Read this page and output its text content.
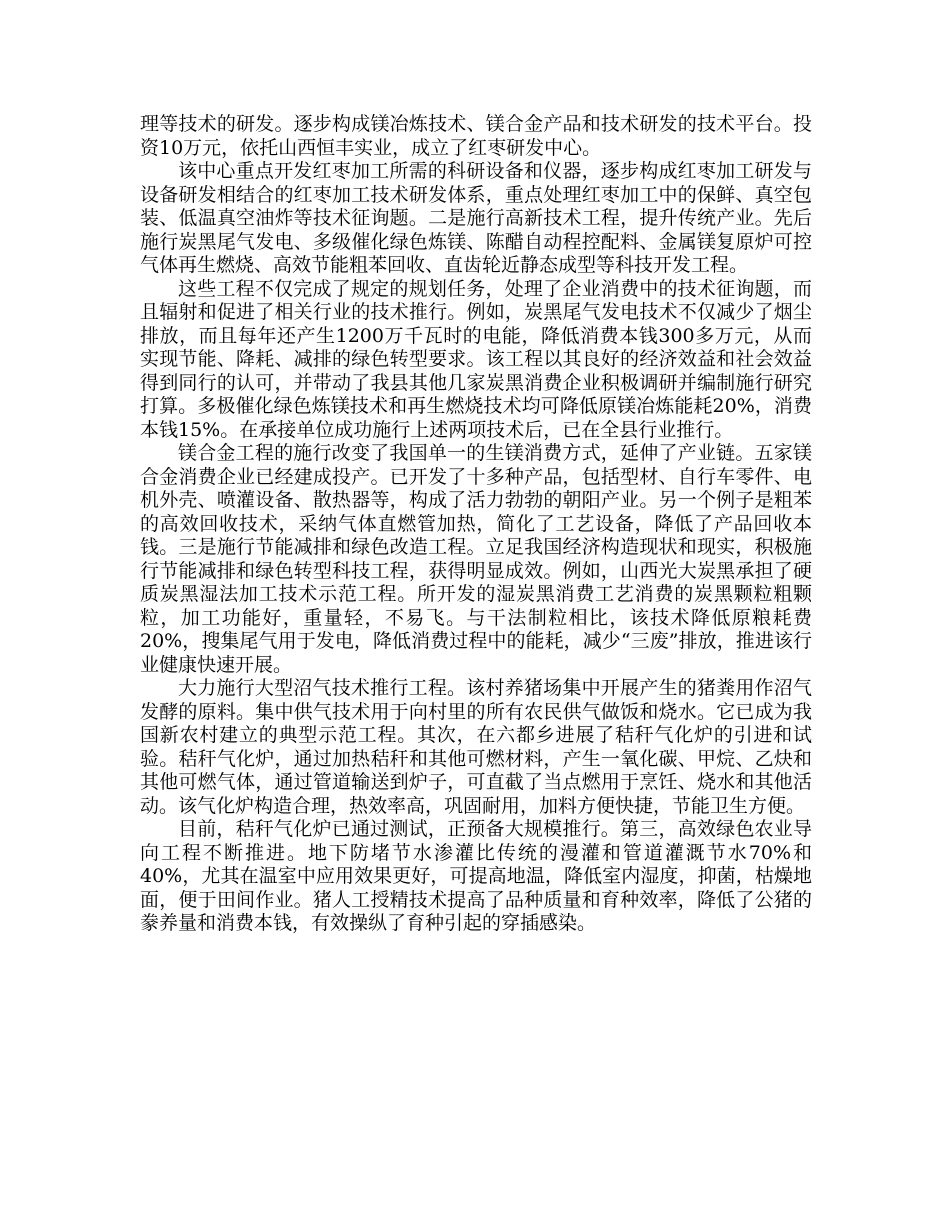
理等技术的研发。逐步构成镁冶炼技术、镁合金产品和技术研发的技术平台。投资10万元，依托山西恒丰实业，成立了红枣研发中心。

该中心重点开发红枣加工所需的科研设备和仪器，逐步构成红枣加工研发与设备研发相结合的红枣加工技术研发体系，重点处理红枣加工中的保鲜、真空包装、低温真空油炸等技术征询题。二是施行高新技术工程，提升传统产业。先后施行炭黑尾气发电、多级催化绿色炼镁、陈醋自动程控配料、金属镁复原炉可控气体再生燃烧、高效节能粗苯回收、直齿轮近静态成型等科技开发工程。

这些工程不仅完成了规定的规划任务，处理了企业消费中的技术征询题，而且辐射和促进了相关行业的技术推行。例如，炭黑尾气发电技术不仅减少了烟尘排放，而且每年还产生1200万千瓦时的电能，降低消费本钱300多万元，从而实现节能、降耗、减排的绿色转型要求。该工程以其良好的经济效益和社会效益得到同行的认可，并带动了我县其他几家炭黑消费企业积极调研并编制施行研究打算。多极催化绿色炼镁技术和再生燃烧技术均可降低原镁冶炼能耗20%，消费本钱15%。在承接单位成功施行上述两项技术后，已在全县行业推行。

镁合金工程的施行改变了我国单一的生镁消费方式，延伸了产业链。五家镁合金消费企业已经建成投产。已开发了十多种产品，包括型材、自行车零件、电机外壳、喷灌设备、散热器等，构成了活力勃勃的朝阳产业。另一个例子是粗苯的高效回收技术，采纳气体直燃管加热，简化了工艺设备，降低了产品回收本钱。三是施行节能减排和绿色改造工程。立足我国经济构造现状和现实，积极施行节能减排和绿色转型科技工程，获得明显成效。例如，山西光大炭黑承担了硬质炭黑湿法加工技术示范工程。所开发的湿炭黑消费工艺消费的炭黑颗粒粗颗粒，加工功能好，重量轻，不易飞。与干法制粒相比，该技术降低原粮耗费20%，搜集尾气用于发电，降低消费过程中的能耗，减少“三废”排放，推进该行业健康快速开展。

大力施行大型沼气技术推行工程。该村养猪场集中开展产生的猪粪用作沼气发酵的原料。集中供气技术用于向村里的所有农民供气做饭和烧水。它已成为我国新农村建立的典型示范工程。其次，在六都乡进展了秸秆气化炉的引进和试验。秸秆气化炉，通过加热秸秆和其他可燃材料，产生一氧化碳、甲烷、乙炔和其他可燃气体，通过管道输送到炉子，可直截了当点燃用于烹饪、烧水和其他活动。该气化炉构造合理，热效率高，巩固耐用，加料方便快捷，节能卫生方便。

目前，秸秆气化炉已通过测试，正预备大规模推行。第三，高效绿色农业导向工程不断推进。地下防堵节水渗灌比传统的漫灌和管道灌溉节水70%和40%，尤其在温室中应用效果更好，可提高地温，降低室内湿度，抑菌，枯燥地面，便于田间作业。猪人工授精技术提高了品种质量和育种效率，降低了公猪的豢养量和消费本钱，有效操纵了育种引起的穿插感染。
